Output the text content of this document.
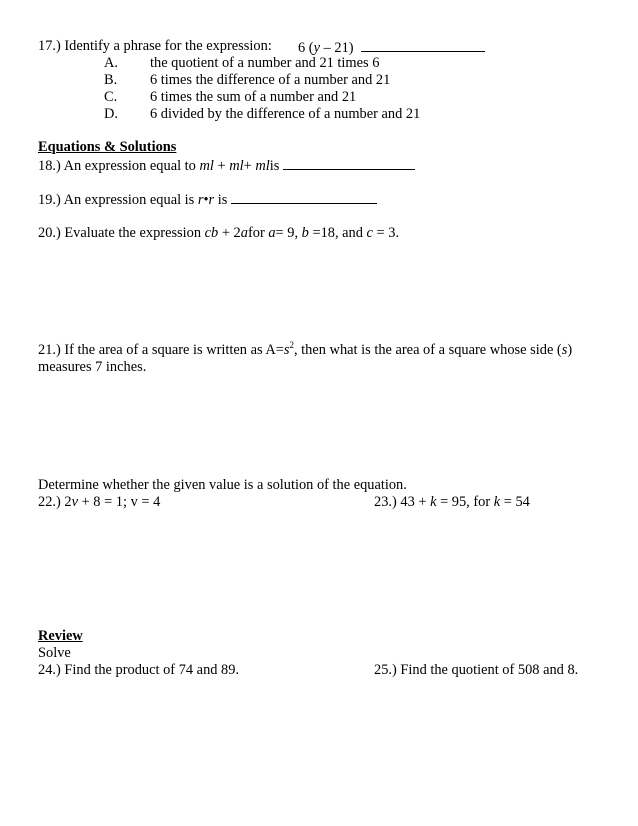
17.) Identify a phrase for the expression: 6 (y – 21)
A. the quotient of a number and 21 times 6
B. 6 times the difference of a number and 21
C. 6 times the sum of a number and 21
D. 6 divided by the difference of a number and 21
Equations & Solutions
18.) An expression equal to ml + ml+ mlis
19.) An expression equal is r•r is
20.) Evaluate the expression cb + 2afor a= 9, b =18, and c = 3.
21.) If the area of a square is written as $A=s^2$, then what is the area of a square whose side (s)
measures 7 inches.
Determine whether the given value is a solution of the equation.
22.) 2v + 8 = 1; v = 4	23.) 43 + k = 95, for k = 54
Review
Solve
24.) Find the product of 74 and 89.	25.) Find the quotient of 508 and 8.
